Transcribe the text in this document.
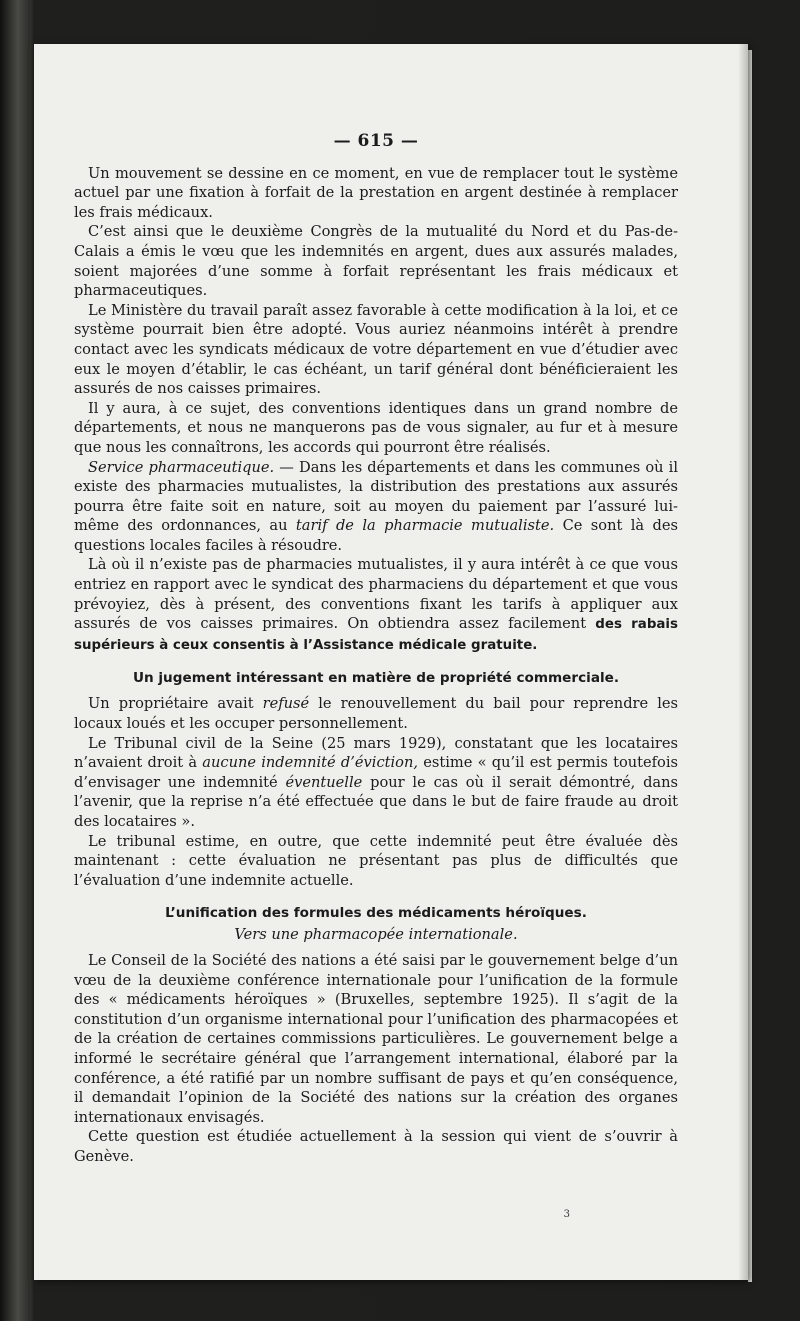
— 615 —

Un mouvement se dessine en ce moment, en vue de remplacer tout le système actuel par une fixation à forfait de la prestation en argent destinée à remplacer les frais médicaux.

C’est ainsi que le deuxième Congrès de la mutualité du Nord et du Pas-de-Calais a émis le vœu que les indemnités en argent, dues aux assurés malades, soient majorées d’une somme à forfait représentant les frais médicaux et pharmaceutiques.

Le Ministère du travail paraît assez favorable à cette modification à la loi, et ce système pourrait bien être adopté. Vous auriez néanmoins intérêt à prendre contact avec les syndicats médicaux de votre département en vue d’étudier avec eux le moyen d’établir, le cas échéant, un tarif général dont bénéficieraient les assurés de nos caisses primaires.

Il y aura, à ce sujet, des conventions identiques dans un grand nombre de départements, et nous ne manquerons pas de vous signaler, au fur et à mesure que nous les connaîtrons, les accords qui pourront être réalisés.

Service pharmaceutique. — Dans les départements et dans les communes où il existe des pharmacies mutualistes, la distribution des prestations aux assurés pourra être faite soit en nature, soit au moyen du paiement par l’assuré lui-même des ordonnances, au tarif de la pharmacie mutualiste. Ce sont là des questions locales faciles à résoudre.

Là où il n’existe pas de pharmacies mutualistes, il y aura intérêt à ce que vous entriez en rapport avec le syndicat des pharmaciens du département et que vous prévoyiez, dès à présent, des conventions fixant les tarifs à appliquer aux assurés de vos caisses primaires. On obtiendra assez facilement des rabais supérieurs à ceux consentis à l’Assistance médicale gratuite.

Un jugement intéressant en matière de propriété commerciale.

Un propriétaire avait refusé le renouvellement du bail pour reprendre les locaux loués et les occuper personnellement.

Le Tribunal civil de la Seine (25 mars 1929), constatant que les locataires n’avaient droit à aucune indemnité d’éviction, estime « qu’il est permis toutefois d’envisager une indemnité éventuelle pour le cas où il serait démontré, dans l’avenir, que la reprise n’a été effectuée que dans le but de faire fraude au droit des locataires ».

Le tribunal estime, en outre, que cette indemnité peut être évaluée dès maintenant : cette évaluation ne présentant pas plus de difficultés que l’évaluation d’une indemnite actuelle.

L’unification des formules des médicaments héroïques.
Vers une pharmacopée internationale.

Le Conseil de la Société des nations a été saisi par le gouvernement belge d’un vœu de la deuxième conférence internationale pour l’unification de la formule des « médicaments héroïques » (Bruxelles, septembre 1925). Il s’agit de la constitution d’un organisme international pour l’unification des pharmacopées et de la création de certaines commissions particulières. Le gouvernement belge a informé le secrétaire général que l’arrangement international, élaboré par la conférence, a été ratifié par un nombre suffisant de pays et qu’en conséquence, il demandait l’opinion de la Société des nations sur la création des organes internationaux envisagés.

Cette question est étudiée actuellement à la session qui vient de s’ouvrir à Genève.

3
